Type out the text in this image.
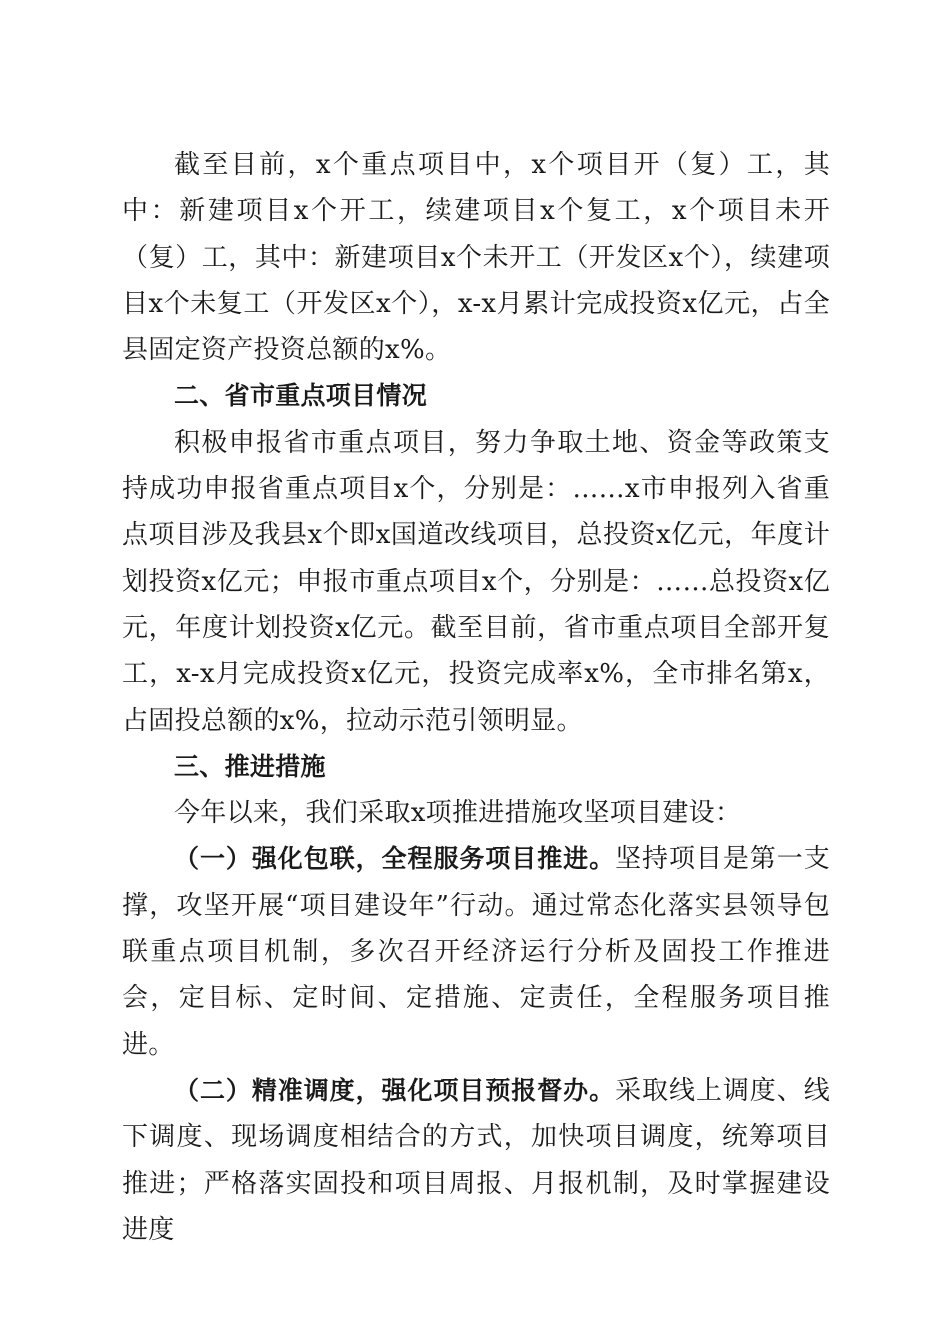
截至目前，x个重点项目中，x个项目开（复）工，其中：新建项目x个开工，续建项目x个复工，x个项目未开（复）工，其中：新建项目x个未开工（开发区x个），续建项目x个未复工（开发区x个），x-x月累计完成投资x亿元，占全县固定资产投资总额的x%。

二、省市重点项目情况

积极申报省市重点项目，努力争取土地、资金等政策支持成功申报省重点项目x个，分别是：……x市申报列入省重点项目涉及我县x个即x国道改线项目，总投资x亿元，年度计划投资x亿元；申报市重点项目x个，分别是：……总投资x亿元，年度计划投资x亿元。截至目前，省市重点项目全部开复工，x-x月完成投资x亿元，投资完成率x%，全市排名第x，占固投总额的x%，拉动示范引领明显。

三、推进措施

今年以来，我们采取x项推进措施攻坚项目建设：

（一）强化包联，全程服务项目推进。坚持项目是第一支撑，攻坚开展“项目建设年”行动。通过常态化落实县领导包联重点项目机制，多次召开经济运行分析及固投工作推进会，定目标、定时间、定措施、定责任，全程服务项目推进。

（二）精准调度，强化项目预报督办。采取线上调度、线下调度、现场调度相结合的方式，加快项目调度，统筹项目推进；严格落实固投和项目周报、月报机制，及时掌握建设进度
